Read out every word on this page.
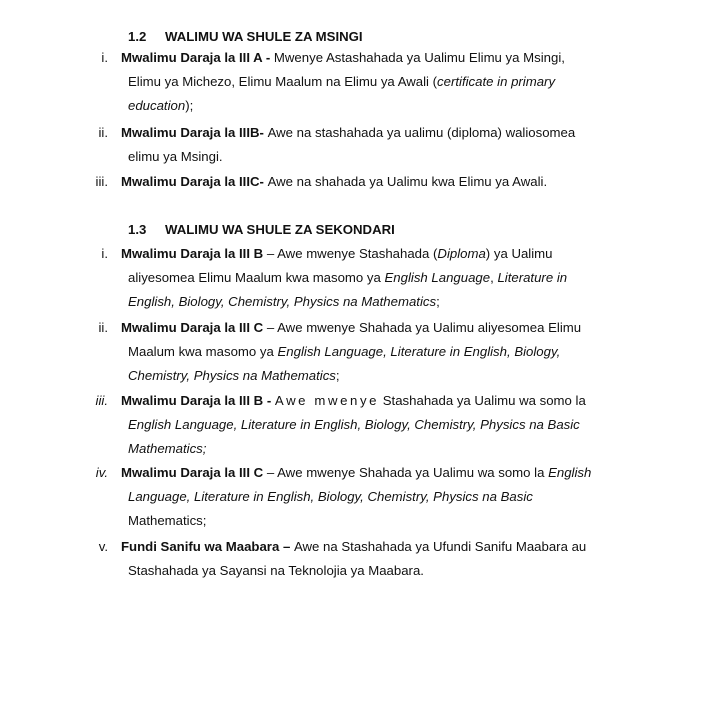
1.2 WALIMU WA SHULE ZA MSINGI
i. Mwalimu Daraja la III A - Mwenye Astashahada ya Ualimu Elimu ya Msingi,
Elimu ya Michezo, Elimu Maalum na Elimu ya Awali (certificate in primary
education);
ii. Mwalimu Daraja la IIIB- Awe na stashahada ya ualimu (diploma) waliosomea
elimu ya Msingi.
iii. Mwalimu Daraja la IIIC- Awe na shahada ya Ualimu kwa Elimu ya Awali.
1.3 WALIMU WA SHULE ZA SEKONDARI
i. Mwalimu Daraja la III B – Awe mwenye Stashahada (Diploma) ya Ualimu
aliyesomea Elimu Maalum kwa masomo ya English Language, Literature in
English, Biology, Chemistry, Physics na Mathematics;
ii. Mwalimu Daraja la III C – Awe mwenye Shahada ya Ualimu aliyesomea Elimu
Maalum kwa masomo ya English Language, Literature in English, Biology,
Chemistry, Physics na Mathematics;
iii. Mwalimu Daraja la III B - Awe mwenye Stashahada ya Ualimu wa somo la
English Language, Literature in English, Biology, Chemistry, Physics na Basic
Mathematics;
iv. Mwalimu Daraja la III C – Awe mwenye Shahada ya Ualimu wa somo la English
Language, Literature in English, Biology, Chemistry, Physics na Basic
Mathematics;
v. Fundi Sanifu wa Maabara – Awe na Stashahada ya Ufundi Sanifu Maabara au
Stashahada ya Sayansi na Teknolojia ya Maabara.
